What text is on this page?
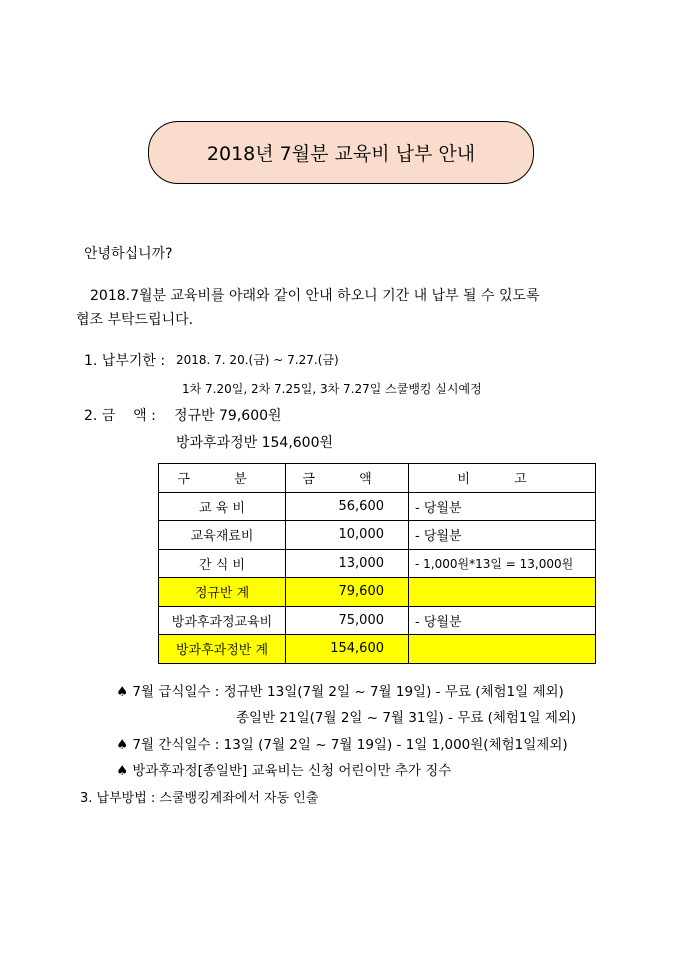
2018년 7월분 교육비 납부 안내
안녕하십니까?
2018.7월분 교육비를 아래와 같이 안내 하오니 기간 내 납부 될 수 있도록
협조 부탁드립니다.
1. 납부기한 : 2018. 7. 20.(금) ~ 7.27.(금)
1차 7.20일, 2차 7.25일, 3차 7.27일 스쿨뱅킹 실시예정
2. 금    액 : 정규반 79,600원
방과후과정반 154,600원
구 분	금 액	비 고
교 육 비	56,600	- 당월분
교육재료비	10,000	- 당월분
간 식 비	13,000	- 1,000원*13일 = 13,000원
정규반 계	79,600	
방과후과정교육비	75,000	- 당월분
방과후과정반 계	154,600	
♠ 7월 급식일수 : 정규반 13일(7월 2일 ~ 7월 19일) - 무료 (체험1일 제외)
종일반 21일(7월 2일 ~ 7월 31일) - 무료 (체험1일 제외)
♠ 7월 간식일수 : 13일 (7월 2일 ~ 7월 19일) - 1일 1,000원(체험1일제외)
♠ 방과후과정[종일반] 교육비는 신청 어린이만 추가 징수
3. 납부방법 : 스쿨뱅킹계좌에서 자동 인출
